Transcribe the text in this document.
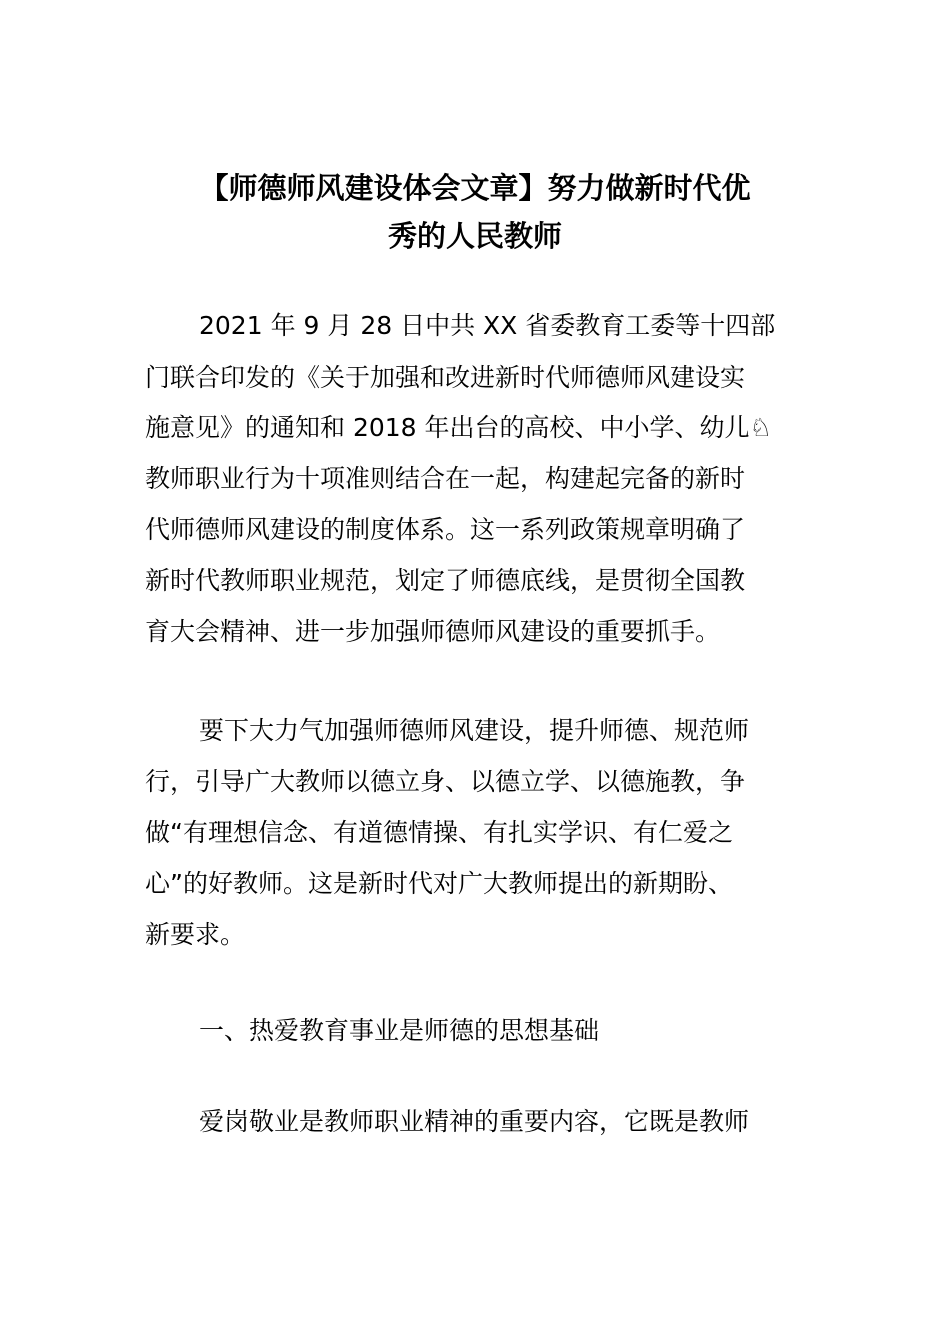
【师德师风建设体会文章】努力做新时代优
秀的人民教师

2021 年 9 月 28 日中共 XX 省委教育工委等十四部

门联合印发的《关于加强和改进新时代师德师风建设实

施意见》的通知和 2018 年出台的高校、中小学、幼儿♘

教师职业行为十项准则结合在一起，构建起完备的新时

代师德师风建设的制度体系。这一系列政策规章明确了

新时代教师职业规范，划定了师德底线，是贯彻全国教

育大会精神、进一步加强师德师风建设的重要抓手。

要下大力气加强师德师风建设，提升师德、规范师

行，引导广大教师以德立身、以德立学、以德施教，争

做“有理想信念、有道德情操、有扎实学识、有仁爱之

心”的好教师。这是新时代对广大教师提出的新期盼、

新要求。

一、热爱教育事业是师德的思想基础

爱岗敬业是教师职业精神的重要内容，它既是教师
